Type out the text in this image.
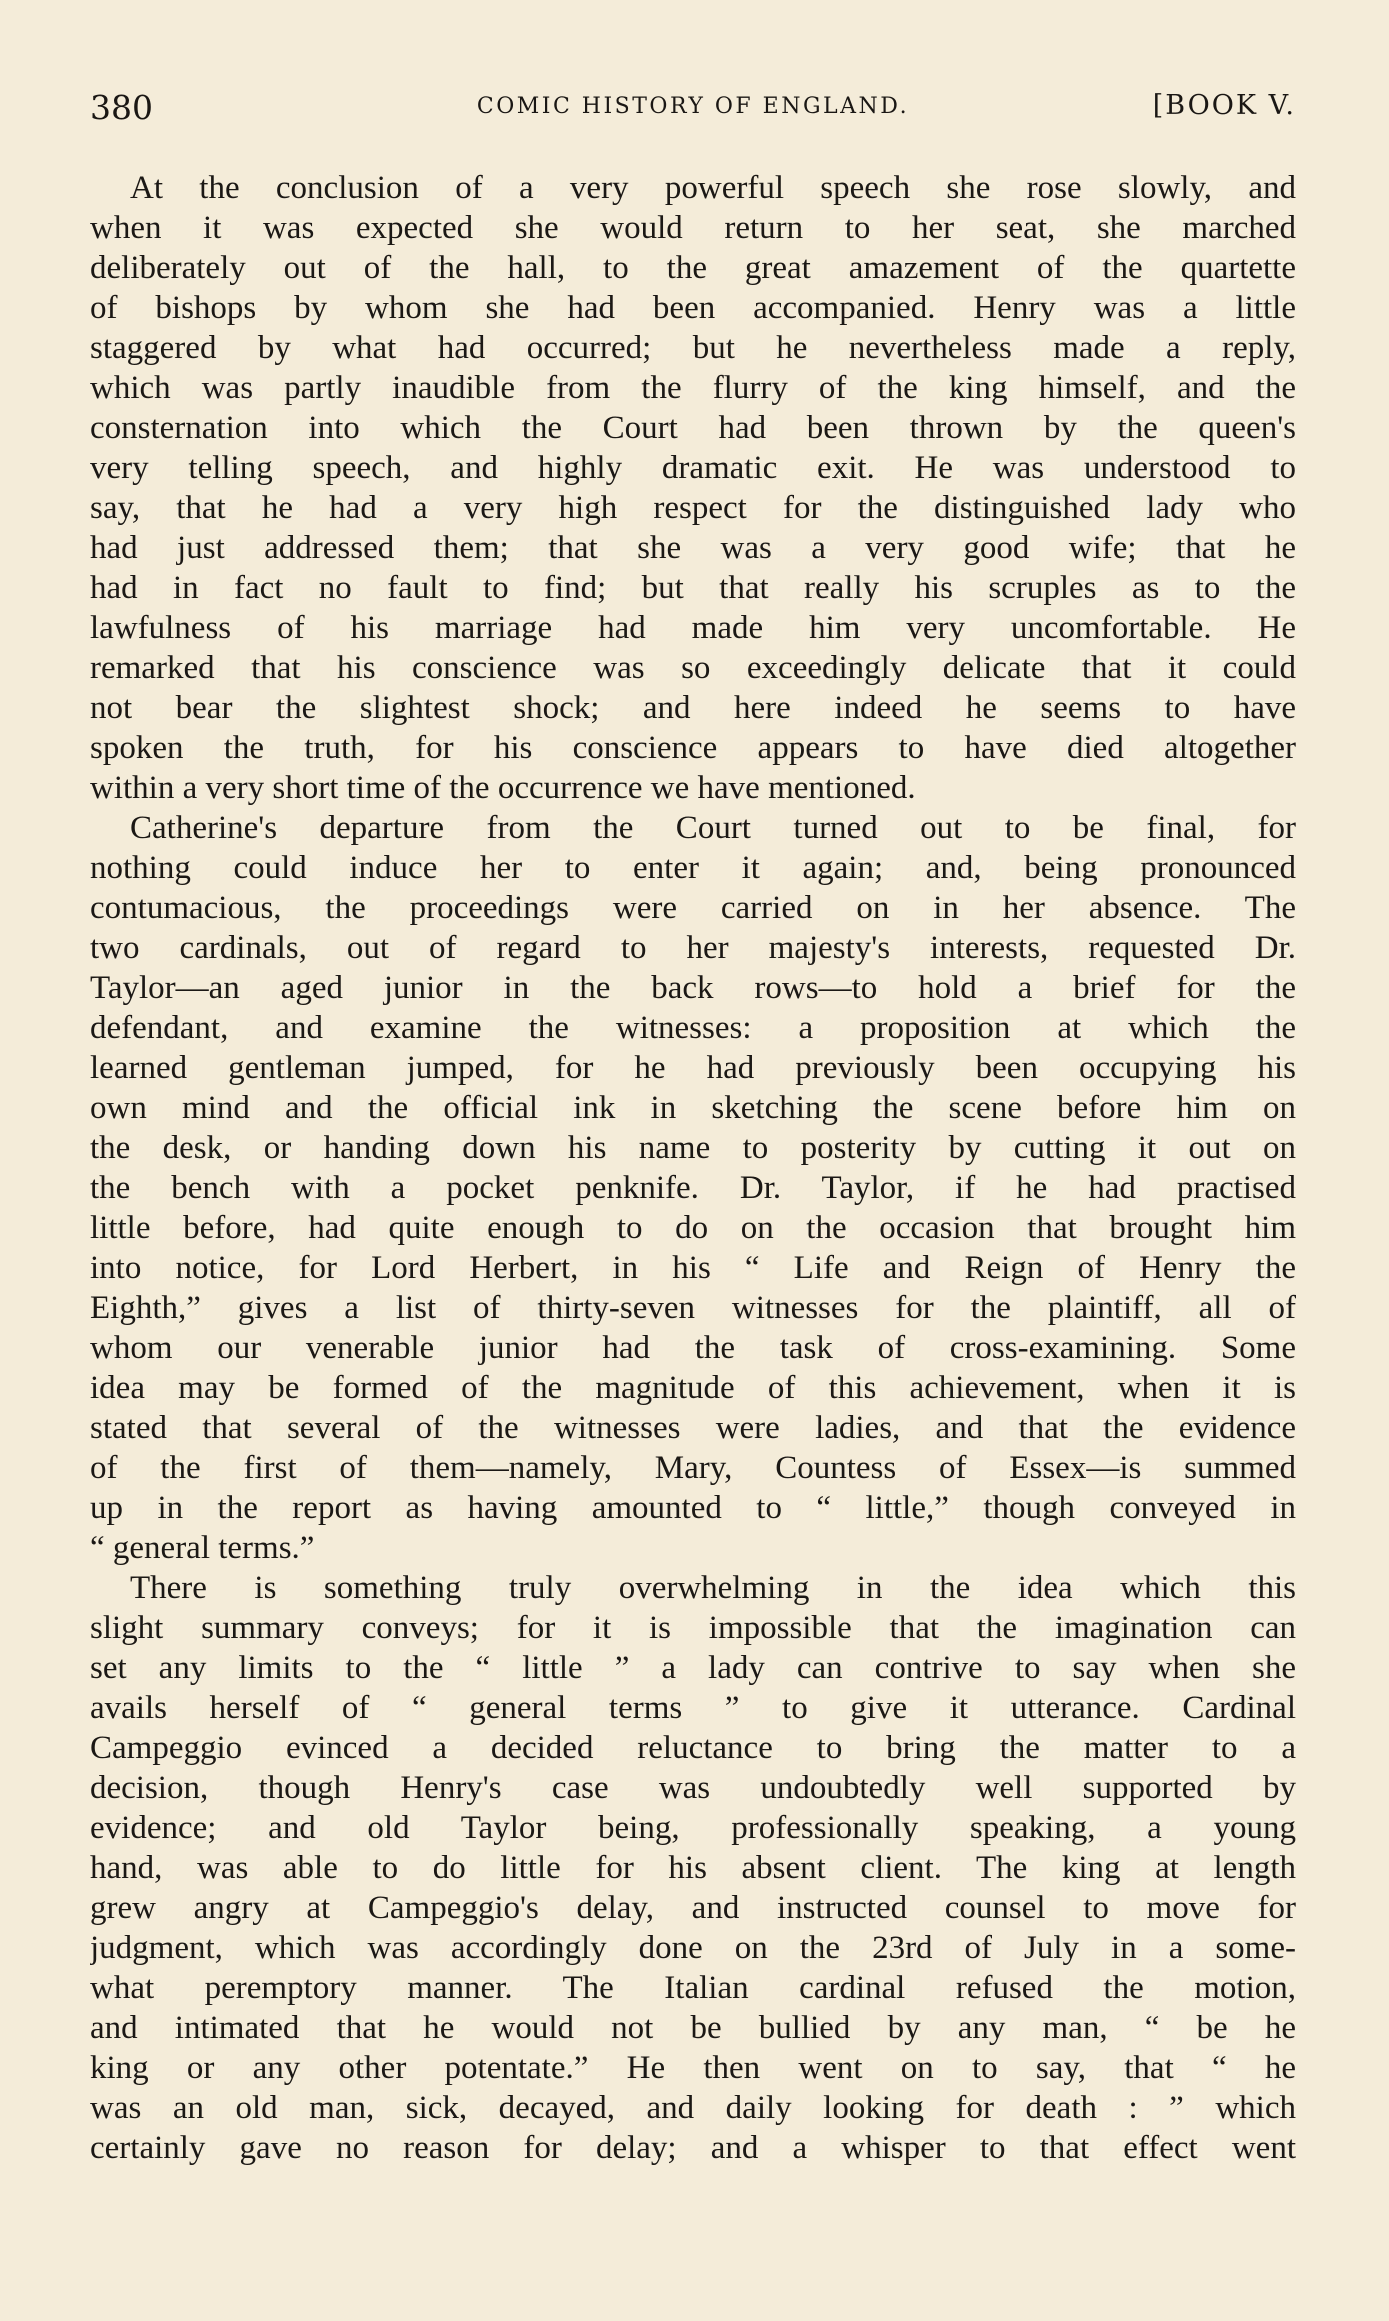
380	COMIC HISTORY OF ENGLAND.	[BOOK V.

At the conclusion of a very powerful speech she rose slowly, and
when it was expected she would return to her seat, she marched
deliberately out of the hall, to the great amazement of the quartette
of bishops by whom she had been accompanied. Henry was a little
staggered by what had occurred; but he nevertheless made a reply,
which was partly inaudible from the flurry of the king himself, and the
consternation into which the Court had been thrown by the queen's
very telling speech, and highly dramatic exit. He was understood to
say, that he had a very high respect for the distinguished lady who
had just addressed them; that she was a very good wife; that he
had in fact no fault to find; but that really his scruples as to the
lawfulness of his marriage had made him very uncomfortable. He
remarked that his conscience was so exceedingly delicate that it could
not bear the slightest shock; and here indeed he seems to have
spoken the truth, for his conscience appears to have died altogether
within a very short time of the occurrence we have mentioned.

Catherine's departure from the Court turned out to be final, for
nothing could induce her to enter it again; and, being pronounced
contumacious, the proceedings were carried on in her absence. The
two cardinals, out of regard to her majesty's interests, requested Dr.
Taylor—an aged junior in the back rows—to hold a brief for the
defendant, and examine the witnesses: a proposition at which the
learned gentleman jumped, for he had previously been occupying his
own mind and the official ink in sketching the scene before him on
the desk, or handing down his name to posterity by cutting it out on
the bench with a pocket penknife. Dr. Taylor, if he had practised
little before, had quite enough to do on the occasion that brought him
into notice, for Lord Herbert, in his “ Life and Reign of Henry the
Eighth,” gives a list of thirty-seven witnesses for the plaintiff, all of
whom our venerable junior had the task of cross-examining. Some
idea may be formed of the magnitude of this achievement, when it is
stated that several of the witnesses were ladies, and that the evidence
of the first of them—namely, Mary, Countess of Essex—is summed
up in the report as having amounted to “ little,” though conveyed in
“ general terms.”

There is something truly overwhelming in the idea which this
slight summary conveys; for it is impossible that the imagination can
set any limits to the “ little ” a lady can contrive to say when she
avails herself of “ general terms ” to give it utterance. Cardinal
Campeggio evinced a decided reluctance to bring the matter to a
decision, though Henry's case was undoubtedly well supported by
evidence; and old Taylor being, professionally speaking, a young
hand, was able to do little for his absent client. The king at length
grew angry at Campeggio's delay, and instructed counsel to move for
judgment, which was accordingly done on the 23rd of July in a some-
what peremptory manner. The Italian cardinal refused the motion,
and intimated that he would not be bullied by any man, “ be he
king or any other potentate.” He then went on to say, that “ he
was an old man, sick, decayed, and daily looking for death : ” which
certainly gave no reason for delay; and a whisper to that effect went
